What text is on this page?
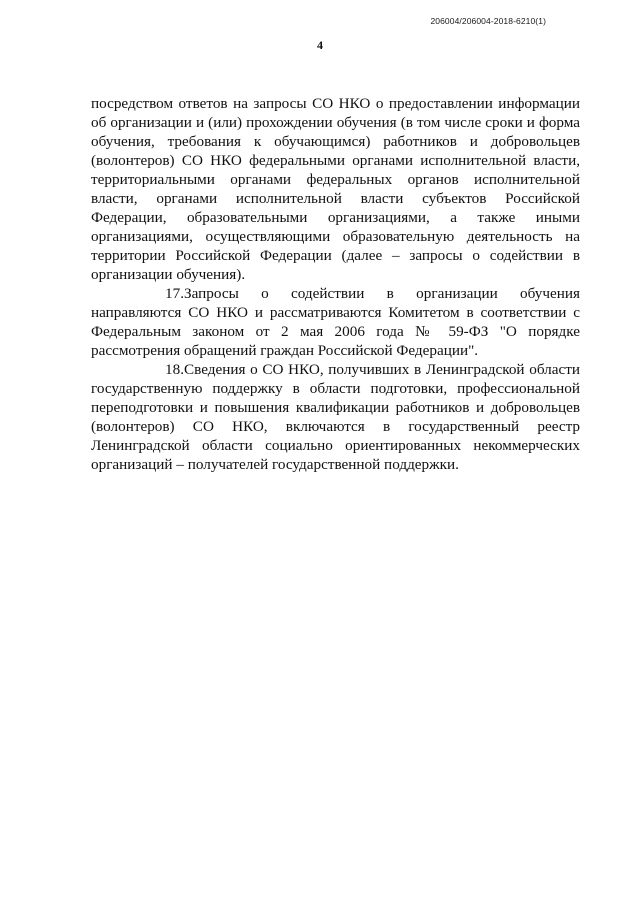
206004/206004-2018-6210(1)
4

посредством ответов на запросы СО НКО о предоставлении информации об организации и (или) прохождении обучения (в том числе сроки и форма обучения, требования к обучающимся) работников и добровольцев (волонтеров) СО НКО федеральными органами исполнительной власти, территориальными органами федеральных органов исполнительной власти, органами исполнительной власти субъектов Российской Федерации, образовательными организациями, а также иными организациями, осуществляющими образовательную деятельность на территории Российской Федерации (далее – запросы о содействии в организации обучения).

17.Запросы о содействии в организации обучения направляются СО НКО и рассматриваются Комитетом в соответствии с Федеральным законом от 2 мая 2006 года № 59-ФЗ "О порядке рассмотрения обращений граждан Российской Федерации".

18.Сведения о СО НКО, получивших в Ленинградской области государственную поддержку в области подготовки, профессиональной переподготовки и повышения квалификации работников и добровольцев (волонтеров) СО НКО, включаются в государственный реестр Ленинградской области социально ориентированных некоммерческих организаций – получателей государственной поддержки.
